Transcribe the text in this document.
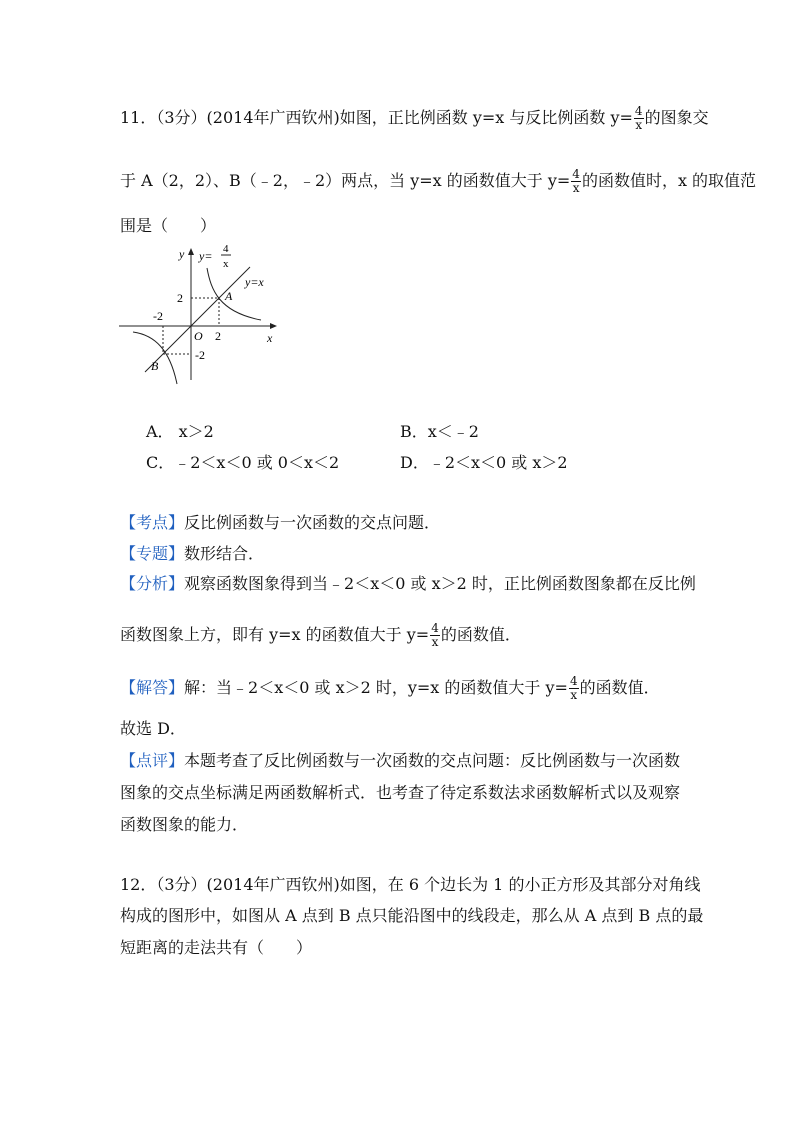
11．（3分）(2014年广西钦州)如图，正比例函数 y=x 与反比例函数 $y= \frac{4}{x}$ 的图象交
于 A（2，2）、B（﹣2，﹣2）两点，当 y=x 的函数值大于 $y= \frac{4}{x}$ 的函数值时，x 的取值范
围是（　　）
y y= 4
x
y=x
A
B
O	x
2
2
-2
-2
A． x＞2	B．x＜﹣2
C．﹣2＜x＜0 或 0＜x＜2	D．﹣2＜x＜0 或 x＞2
【考点】反比例函数与一次函数的交点问题．
【专题】数形结合．
【分析】观察函数图象得到当﹣2＜x＜0 或 x＞2 时，正比例函数图象都在反比例
函数图象上方，即有 y=x 的函数值大于 $y= \frac{4}{x}$ 的函数值．
【解答】解：当﹣2＜x＜0 或 x＞2 时，y=x 的函数值大于 $y= \frac{4}{x}$ 的函数值．
故选 D．
【点评】本题考查了反比例函数与一次函数的交点问题：反比例函数与一次函数
图象的交点坐标满足两函数解析式．也考查了待定系数法求函数解析式以及观察
函数图象的能力．
12．（3分）(2014年广西钦州)如图，在 6 个边长为 1 的小正方形及其部分对角线
构成的图形中，如图从 A 点到 B 点只能沿图中的线段走，那么从 A 点到 B 点的最
短距离的走法共有（　　）
